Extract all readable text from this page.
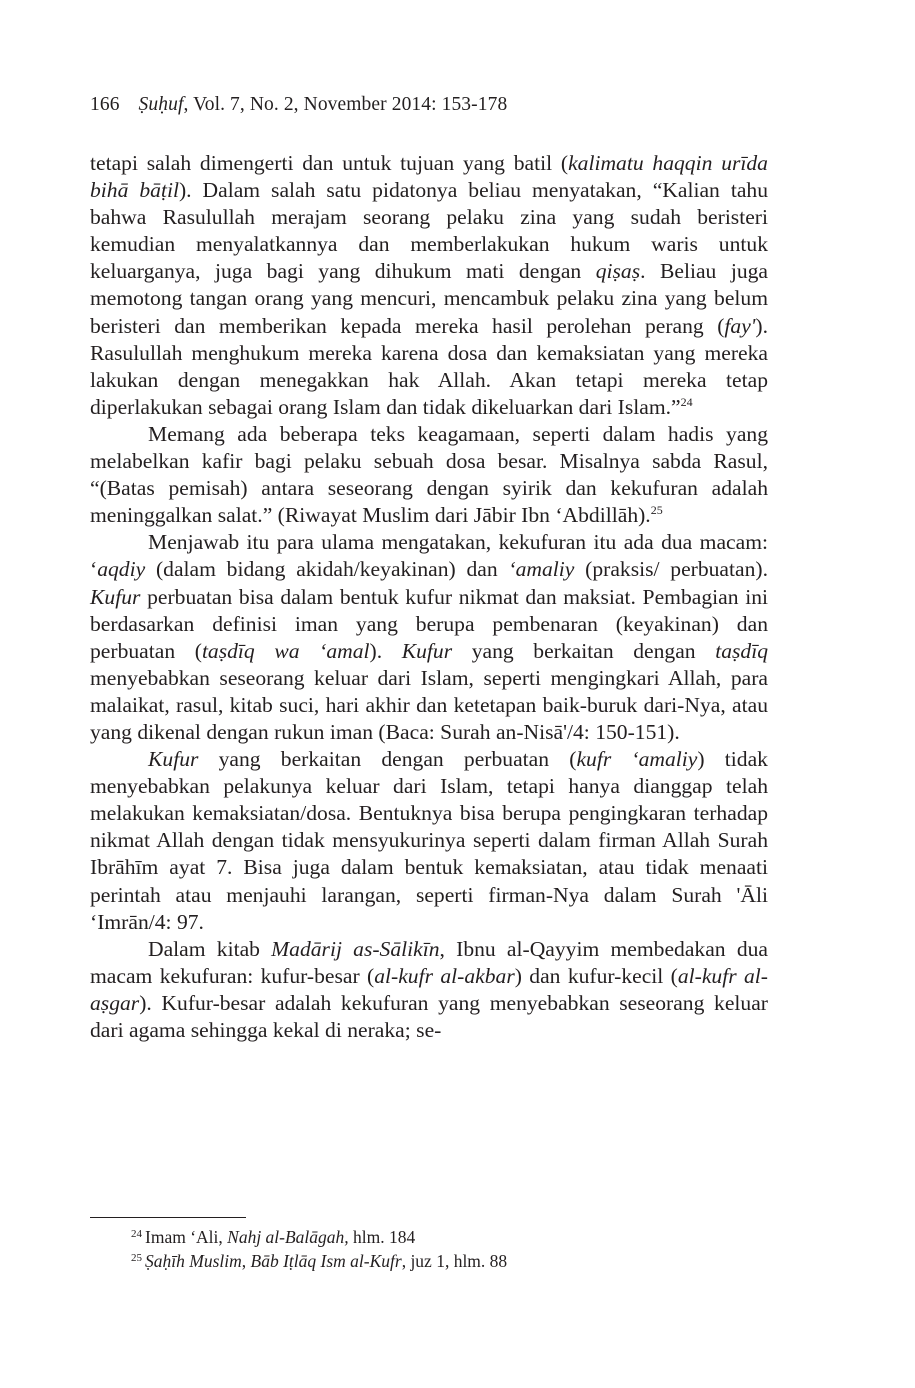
166 Ṣuḥuf, Vol. 7, No. 2, November 2014: 153-178

tetapi salah dimengerti dan untuk tujuan yang batil (kalimatu haqqin urīda bihā bāṭil). Dalam salah satu pidatonya beliau menyatakan, “Kalian tahu bahwa Rasulullah merajam seorang pelaku zina yang sudah beristeri kemudian menyalatkannya dan memberlakukan hukum waris untuk keluarganya, juga bagi yang dihukum mati dengan qiṣaṣ. Beliau juga memotong tangan orang yang mencuri, mencambuk pelaku zina yang belum beristeri dan memberikan kepada mereka hasil perolehan perang (fay'). Rasulullah menghukum mereka karena dosa dan kemaksiatan yang mereka lakukan dengan menegakkan hak Allah. Akan tetapi mereka tetap diperlakukan sebagai orang Islam dan tidak dikeluarkan dari Islam.”$^{24}$

Memang ada beberapa teks keagamaan, seperti dalam hadis yang melabelkan kafir bagi pelaku sebuah dosa besar. Misalnya sabda Rasul, “(Batas pemisah) antara seseorang dengan syirik dan kekufuran adalah meninggalkan salat.” (Riwayat Muslim dari Jābir Ibn ‘Abdillāh).$^{25}$

Menjawab itu para ulama mengatakan, kekufuran itu ada dua macam: ‘aqdiy (dalam bidang akidah/keyakinan) dan ‘amaliy (praksis/ perbuatan). Kufur perbuatan bisa dalam bentuk kufur nikmat dan maksiat. Pembagian ini berdasarkan definisi iman yang berupa pembenaran (keyakinan) dan perbuatan (taṣdīq wa ‘amal). Kufur yang berkaitan dengan taṣdīq menyebabkan seseorang keluar dari Islam, seperti mengingkari Allah, para malaikat, rasul, kitab suci, hari akhir dan ketetapan baik-buruk dari-Nya, atau yang dikenal dengan rukun iman (Baca: Surah an-Nisā'/4: 150-151).

Kufur yang berkaitan dengan perbuatan (kufr ‘amaliy) tidak menyebabkan pelakunya keluar dari Islam, tetapi hanya dianggap telah melakukan kemaksiatan/dosa. Bentuknya bisa berupa pengingkaran terhadap nikmat Allah dengan tidak mensyukurinya seperti dalam firman Allah Surah Ibrāhīm ayat 7. Bisa juga dalam bentuk kemaksiatan, atau tidak menaati perintah atau menjauhi larangan, seperti firman-Nya dalam Surah 'Āli ‘Imrān/4: 97.

Dalam kitab Madārij as-Sālikīn, Ibnu al-Qayyim membedakan dua macam kekufuran: kufur-besar (al-kufr al-akbar) dan kufur-kecil (al-kufr al-aṣgar). Kufur-besar adalah kekufuran yang menyebabkan seseorang keluar dari agama sehingga kekal di neraka; se-

$^{24}$ Imam ‘Ali, Nahj al-Balāgah, hlm. 184
$^{25}$ Ṣaḥīh Muslim, Bāb Iṭlāq Ism al-Kufr, juz 1, hlm. 88
